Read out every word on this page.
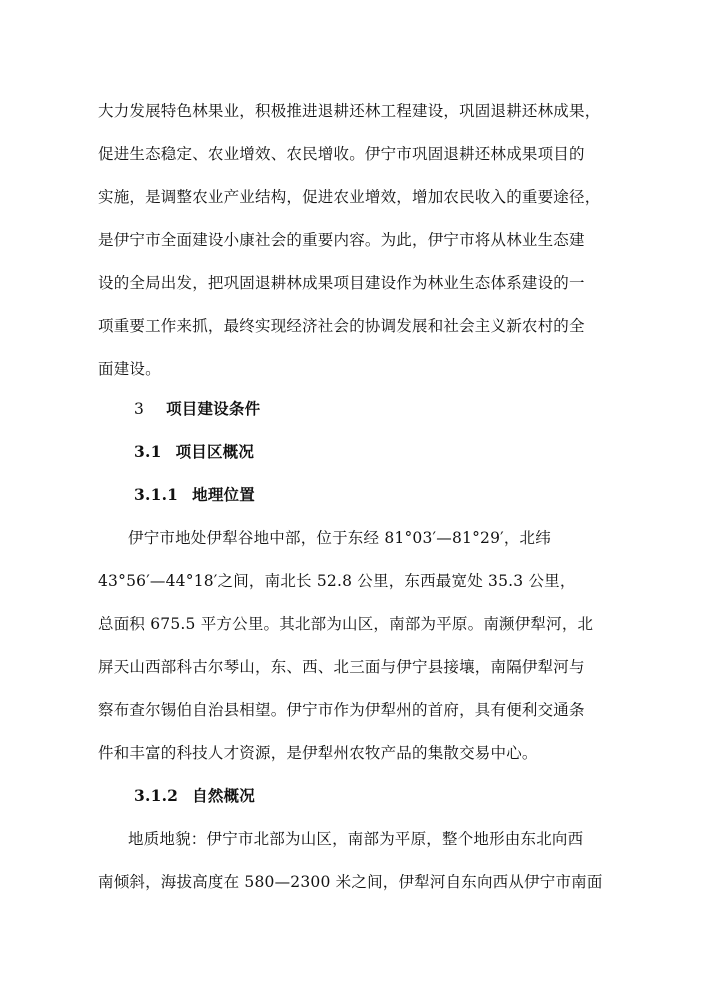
大力发展特色林果业，积极推进退耕还林工程建设，巩固退耕还林成果，
促进生态稳定、农业增效、农民增收。伊宁市巩固退耕还林成果项目的
实施，是调整农业产业结构，促进农业增效，增加农民收入的重要途径，
是伊宁市全面建设小康社会的重要内容。为此，伊宁市将从林业生态建
设的全局出发，把巩固退耕林成果项目建设作为林业生态体系建设的一
项重要工作来抓，最终实现经济社会的协调发展和社会主义新农村的全
面建设。
3 项目建设条件
3.1 项目区概况
3.1.1 地理位置
伊宁市地处伊犁谷地中部，位于东经 81°03′—81°29′，北纬
43°56′—44°18′之间，南北长 52.8 公里，东西最宽处 35.3 公里，
总面积 675.5 平方公里。其北部为山区，南部为平原。南濒伊犁河，北
屏天山西部科古尔琴山，东、西、北三面与伊宁县接壤，南隔伊犁河与
察布查尔锡伯自治县相望。伊宁市作为伊犁州的首府，具有便利交通条
件和丰富的科技人才资源，是伊犁州农牧产品的集散交易中心。
3.1.2 自然概况
地质地貌：伊宁市北部为山区，南部为平原，整个地形由东北向西
南倾斜，海拔高度在 580—2300 米之间，伊犁河自东向西从伊宁市南面
